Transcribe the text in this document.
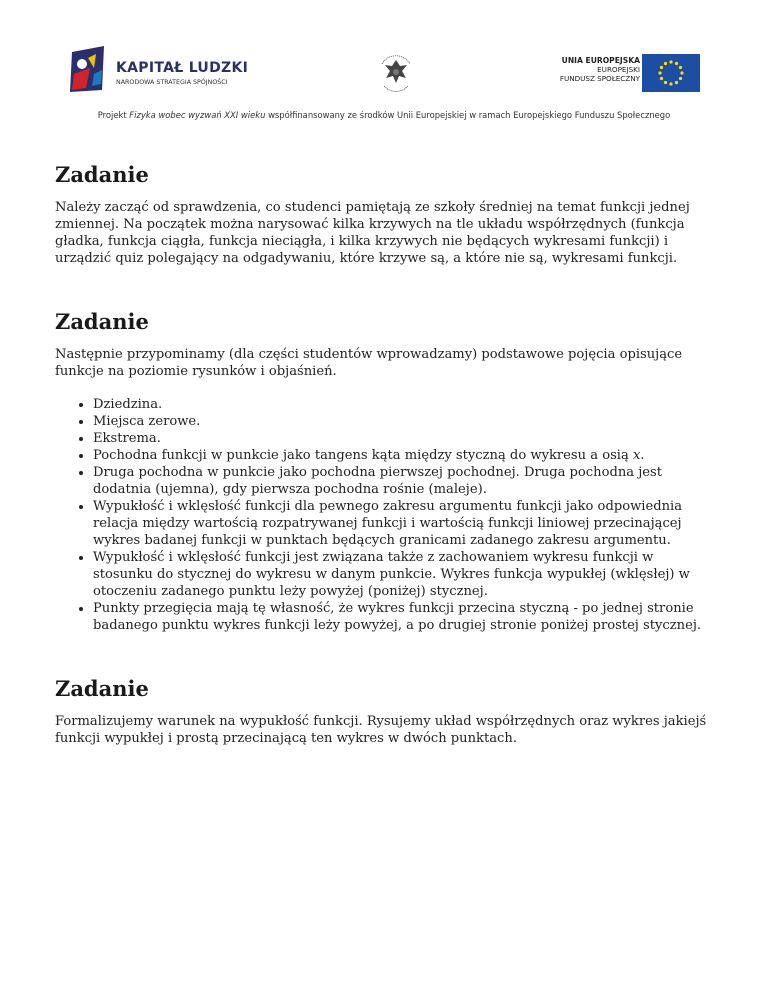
KAPITAŁ LUDZKI
NARODOWA STRATEGIA SPÓJNOŚCI
UNIA EUROPEJSKA
EUROPEJSKI
FUNDUSZ SPOŁECZNY
Projekt Fizyka wobec wyzwań XXI wieku współfinansowany ze środków Unii Europejskiej w ramach Europejskiego Funduszu Społecznego
Zadanie

Należy zacząć od sprawdzenia, co studenci pamiętają ze szkoły średniej na temat funkcji jednej zmiennej. Na początek można narysować kilka krzywych na tle układu współrzędnych (funkcja gładka, funkcja ciągła, funkcja nieciągła, i kilka krzywych nie będących wykresami funkcji) i urządzić quiz polegający na odgadywaniu, które krzywe są, a które nie są, wykresami funkcji.

Zadanie

Następnie przypominamy (dla części studentów wprowadzamy) podstawowe pojęcia opisujące funkcje na poziomie rysunków i objaśnień.

• Dziedzina.
• Miejsca zerowe.
• Ekstrema.
• Pochodna funkcji w punkcie jako tangens kąta między styczną do wykresu a osią x.
• Druga pochodna w punkcie jako pochodna pierwszej pochodnej. Druga pochodna jest dodatnia (ujemna), gdy pierwsza pochodna rośnie (maleje).
• Wypukłość i wklęsłość funkcji dla pewnego zakresu argumentu funkcji jako odpowiednia relacja między wartością rozpatrywanej funkcji i wartością funkcji liniowej przecinającej wykres badanej funkcji w punktach będących granicami zadanego zakresu argumentu.
• Wypukłość i wklęsłość funkcji jest związana także z zachowaniem wykresu funkcji w stosunku do stycznej do wykresu w danym punkcie. Wykres funkcja wypukłej (wklęsłej) w otoczeniu zadanego punktu leży powyżej (poniżej) stycznej.
• Punkty przegięcia mają tę własność, że wykres funkcji przecina styczną - po jednej stronie badanego punktu wykres funkcji leży powyżej, a po drugiej stronie poniżej prostej stycznej.
Zadanie

Formalizujemy warunek na wypukłość funkcji. Rysujemy układ współrzędnych oraz wykres jakiejś funkcji wypukłej i prostą przecinającą ten wykres w dwóch punktach.
